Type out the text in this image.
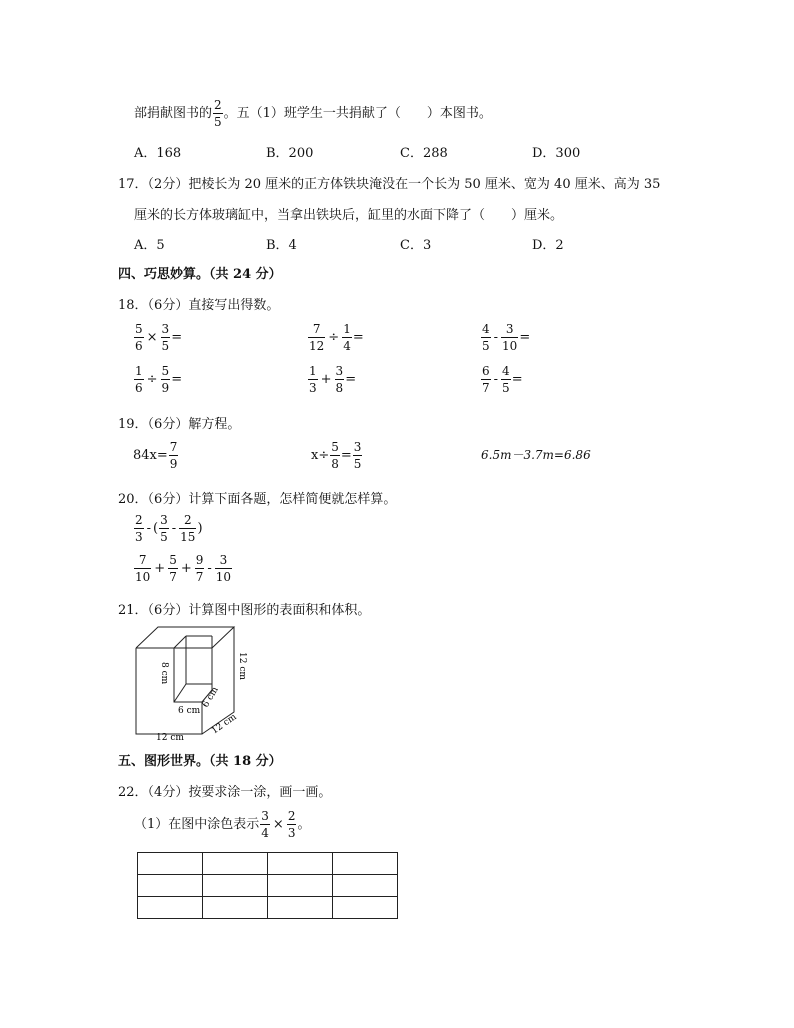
部捐献图书的 $\frac{2}{5}$ 。五（1）班学生一共捐献了（　　）本图书。
A．168	B．200	C．288	D．300
17．（2分）把棱长为 20 厘米的正方体铁块淹没在一个长为 50 厘米、宽为 40 厘米、高为 35
厘米的长方体玻璃缸中，当拿出铁块后，缸里的水面下降了（　　）厘米。
A．5	B．4	C．3	D．2
四、巧思妙算。（共 24 分）
18．（6分）直接写出得数。
$\frac{5}{6} \times \frac{3}{5}$ =	$\frac{7}{12} \div \frac{1}{4}$ =	$\frac{4}{5} - \frac{3}{10}$ =
$\frac{1}{6} \div \frac{5}{9}$ =	$\frac{1}{3} + \frac{3}{8}$ =	$\frac{6}{7} - \frac{4}{5}$ =
19．（6分）解方程。
$84x= \frac{7}{9}$	$x\div \frac{5}{8} = \frac{3}{5}$	6.5m－3.7m=6.86
20．（6分）计算下面各题，怎样简便就怎样算。
$\frac{2}{3}$ - ( $\frac{3}{5} - \frac{2}{15}$ )
$\frac{7}{10} + \frac{5}{7} + \frac{9}{7} - \frac{3}{10}$
21．（6分）计算图中图形的表面积和体积。
8 cm	12 cm
6 cm
6 cm
12 cm
12 cm
五、图形世界。（共 18 分）
22．（4分）按要求涂一涂，画一画。
（1）在图中涂色表示 $\frac{3}{4} \times \frac{2}{3}$ 。
